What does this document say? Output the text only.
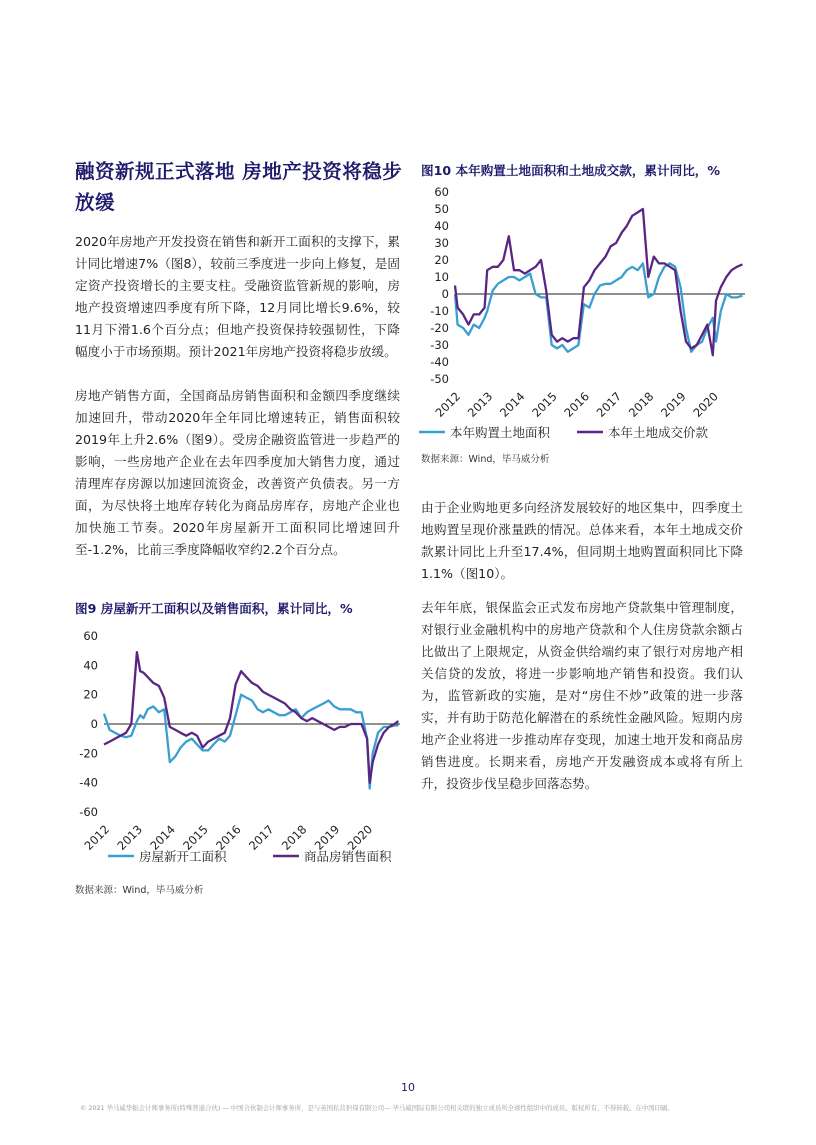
融资新规正式落地 房地产投资将稳步放缓
2020年房地产开发投资在销售和新开工面积的支撑下，累计同比增速7%（图8），较前三季度进一步向上修复，是固定资产投资增长的主要支柱。受融资监管新规的影响，房地产投资增速四季度有所下降，12月同比增长9.6%，较11月下滑1.6个百分点；但地产投资保持较强韧性，下降幅度小于市场预期。预计2021年房地产投资将稳步放缓。
房地产销售方面，全国商品房销售面积和金额四季度继续加速回升，带动2020年全年同比增速转正，销售面积较2019年上升2.6%（图9）。受房企融资监管进一步趋严的影响，一些房地产企业在去年四季度加大销售力度，通过清理库存房源以加速回流资金，改善资产负债表。另一方面，为尽快将土地库存转化为商品房库存，房地产企业也加快施工节奏。2020年房屋新开工面积同比增速回升至-1.2%，比前三季度降幅收窄约2.2个百分点。
图9 房屋新开工面积以及销售面积，累计同比，%
-60
-40
-20
0
20
40
60
2012 2013 2014 2015 2016 2017 2018 2019 2020
房屋新开工面积	商品房销售面积
数据来源：Wind，毕马威分析
图10 本年购置土地面积和土地成交款，累计同比，%
-50
-40
-30
-20
-10
0
10
20
30
40
50
60
2012 2013 2014 2015 2016 2017 2018 2019 2020
本年购置土地面积	本年土地成交价款
数据来源：Wind，毕马威分析
由于企业购地更多向经济发展较好的地区集中，四季度土地购置呈现价涨量跌的情况。总体来看，本年土地成交价款累计同比上升至17.4%，但同期土地购置面积同比下降1.1%（图10）。
去年年底，银保监会正式发布房地产贷款集中管理制度，对银行业金融机构中的房地产贷款和个人住房贷款余额占比做出了上限规定，从资金供给端约束了银行对房地产相关信贷的发放，将进一步影响地产销售和投资。我们认为，监管新政的实施，是对“房住不炒”政策的进一步落实，并有助于防范化解潜在的系统性金融风险。短期内房地产企业将进一步推动库存变现，加速土地开发和商品房销售进度。长期来看，房地产开发融资成本或将有所上升，投资步伐呈稳步回落态势。
10
© 2021 毕马威华振会计师事务所(特殊普通合伙) — 中国合伙制会计师事务所，是与英国私营担保有限公司— 毕马威国际有限公司相关联的独立成员所全球性组织中的成员。版权所有，不得转载。在中国印刷。
